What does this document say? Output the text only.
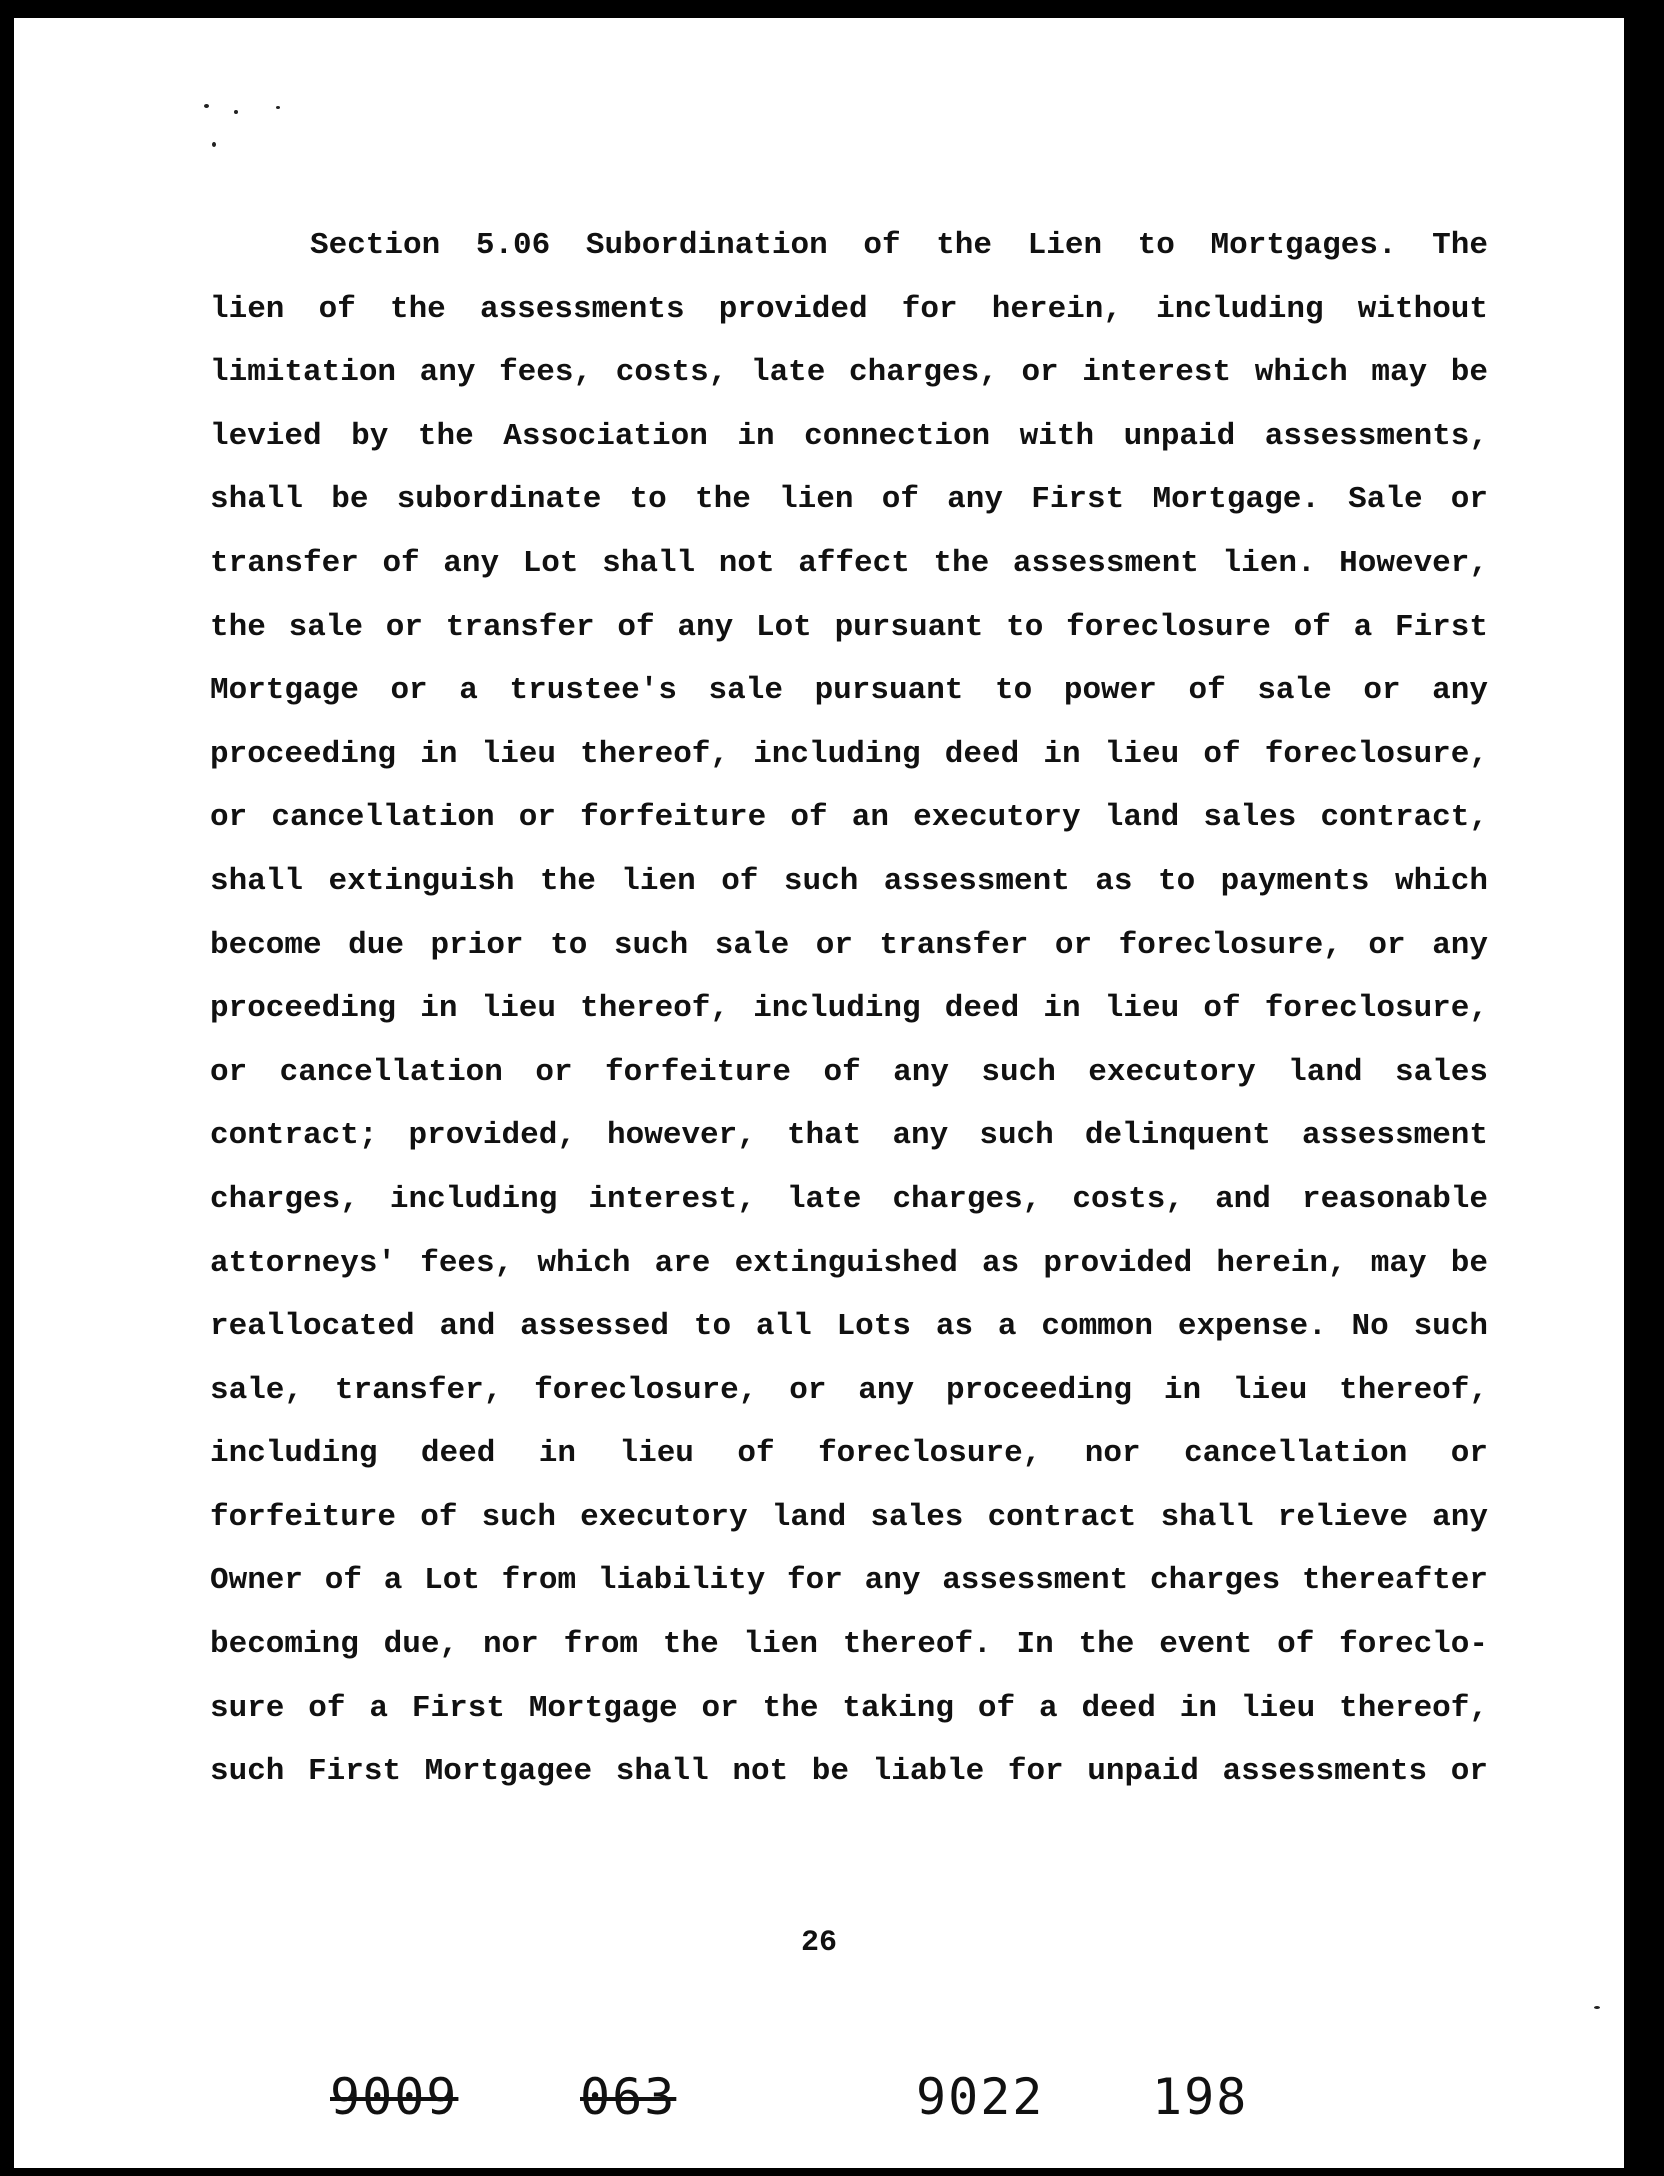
Section 5.06 Subordination of the Lien to Mortgages. The
lien of the assessments provided for herein, including without
limitation any fees, costs, late charges, or interest which may be
levied by the Association in connection with unpaid assessments,
shall be subordinate to the lien of any First Mortgage. Sale or
transfer of any Lot shall not affect the assessment lien. However,
the sale or transfer of any Lot pursuant to foreclosure of a First
Mortgage or a trustee's sale pursuant to power of sale or any
proceeding in lieu thereof, including deed in lieu of foreclosure,
or cancellation or forfeiture of an executory land sales contract,
shall extinguish the lien of such assessment as to payments which
become due prior to such sale or transfer or foreclosure, or any
proceeding in lieu thereof, including deed in lieu of foreclosure,
or cancellation or forfeiture of any such executory land sales
contract; provided, however, that any such delinquent assessment
charges, including interest, late charges, costs, and reasonable
attorneys' fees, which are extinguished as provided herein, may be
reallocated and assessed to all Lots as a common expense. No such
sale, transfer, foreclosure, or any proceeding in lieu thereof,
including deed in lieu of foreclosure, nor cancellation or
forfeiture of such executory land sales contract shall relieve any
Owner of a Lot from liability for any assessment charges thereafter
becoming due, nor from the lien thereof. In the event of foreclo-
sure of a First Mortgage or the taking of a deed in lieu thereof,
such First Mortgagee shall not be liable for unpaid assessments or
26
9009 063	9022 198
